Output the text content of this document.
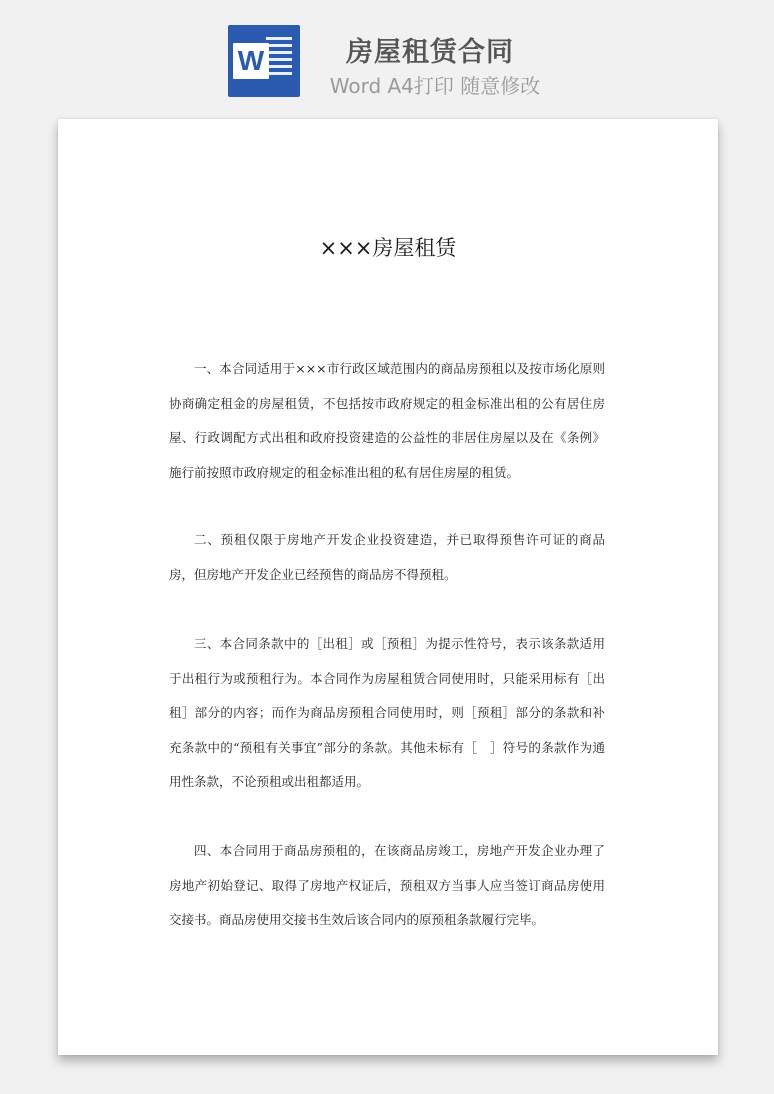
W	房屋租赁合同
Word A4打印 随意修改
×××房屋租赁

一、本合同适用于×××市行政区域范围内的商品房预租以及按市场化原则协商确定租金的房屋租赁，不包括按市政府规定的租金标准出租的公有居住房屋、行政调配方式出租和政府投资建造的公益性的非居住房屋以及在《条例》施行前按照市政府规定的租金标准出租的私有居住房屋的租赁。

二、预租仅限于房地产开发企业投资建造，并已取得预售许可证的商品房，但房地产开发企业已经预售的商品房不得预租。

三、本合同条款中的［出租］或［预租］为提示性符号，表示该条款适用于出租行为或预租行为。本合同作为房屋租赁合同使用时，只能采用标有［出租］部分的内容；而作为商品房预租合同使用时，则［预租］部分的条款和补充条款中的“预租有关事宜”部分的条款。其他未标有［　］符号的条款作为通用性条款，不论预租或出租都适用。

四、本合同用于商品房预租的，在该商品房竣工，房地产开发企业办理了房地产初始登记、取得了房地产权证后，预租双方当事人应当签订商品房使用交接书。商品房使用交接书生效后该合同内的原预租条款履行完毕。
